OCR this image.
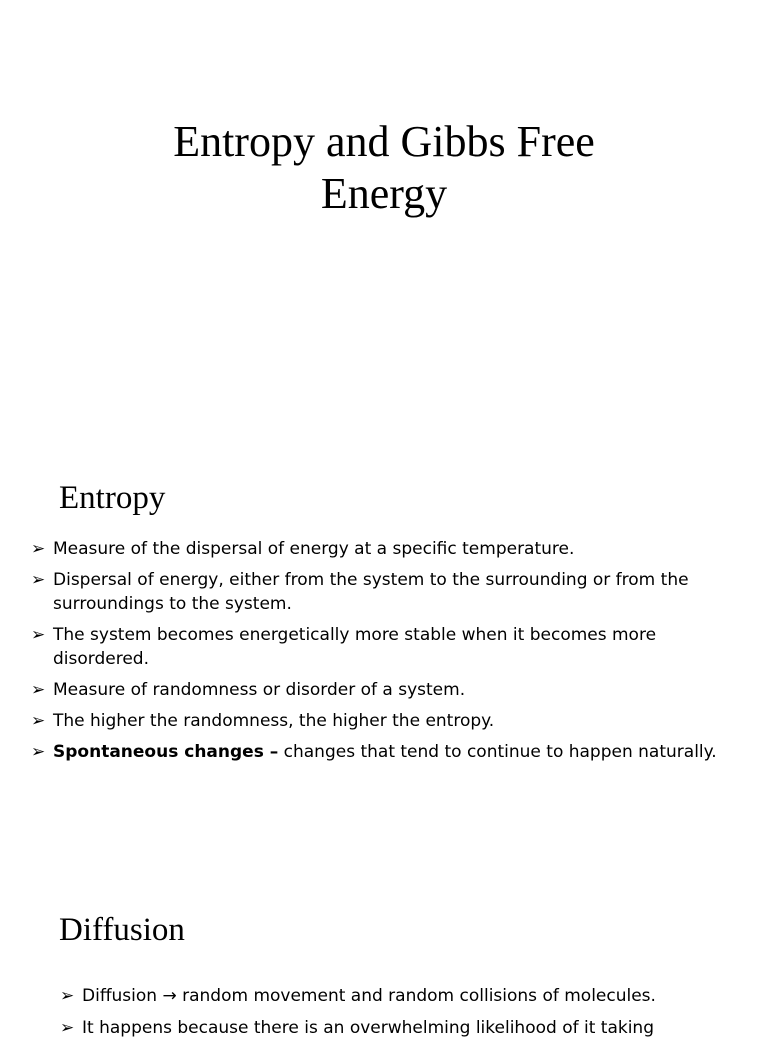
Entropy and Gibbs Free
Energy
Entropy
➢ Measure of the dispersal of energy at a specific temperature.
➢ Dispersal of energy, either from the system to the surrounding or from the surroundings to the system.
➢ The system becomes energetically more stable when it becomes more disordered.
➢ Measure of randomness or disorder of a system.
➢ The higher the randomness, the higher the entropy.
➢ Spontaneous changes – changes that tend to continue to happen naturally.
Diffusion
➢ Diffusion → random movement and random collisions of molecules.
➢ It happens because there is an overwhelming likelihood of it taking
